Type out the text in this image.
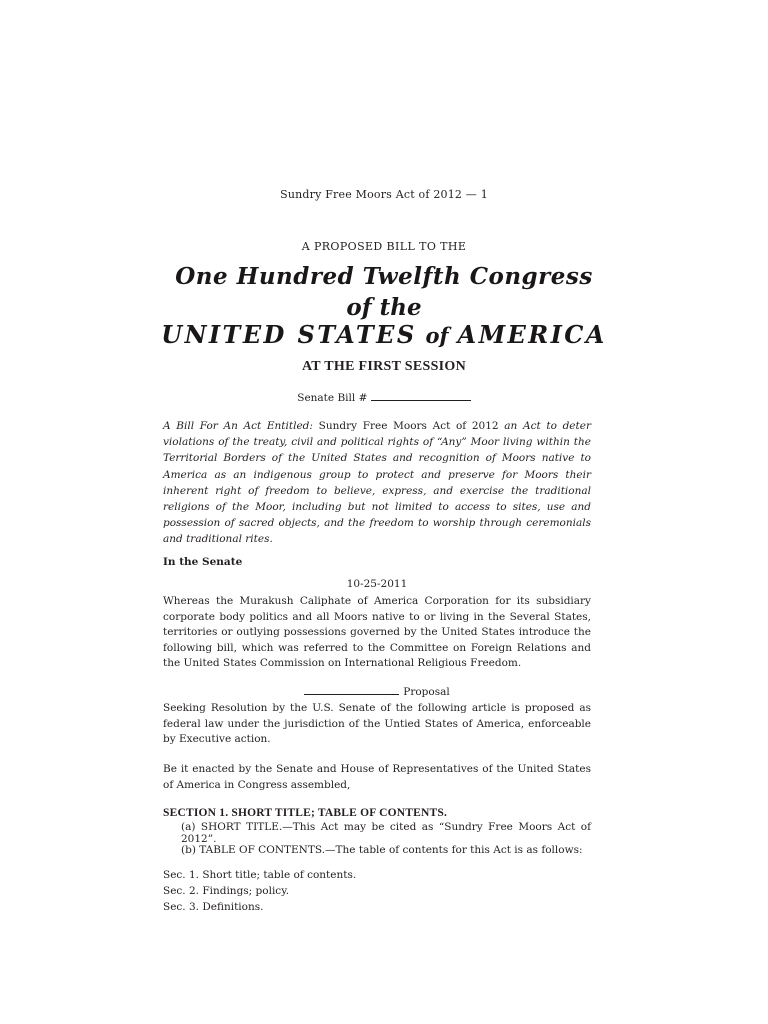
Sundry Free Moors Act of 2012 — 1
A PROPOSED BILL TO THE
One Hundred Twelfth Congress
of the
UNITED STATES of AMERICA
AT THE FIRST SESSION
Senate Bill #
A Bill For An Act Entitled: Sundry Free Moors Act of 2012 an Act to deter violations of the treaty, civil and political rights of “Any” Moor living within the Territorial Borders of the United States and recognition of Moors native to America as an indigenous group to protect and preserve for Moors their inherent right of freedom to believe, express, and exercise the traditional religions of the Moor, including but not limited to access to sites, use and possession of sacred objects, and the freedom to worship through ceremonials and traditional rites.
In the Senate
10-25-2011
Whereas the Murakush Caliphate of America Corporation for its subsidiary corporate body politics and all Moors native to or living in the Several States, territories or outlying possessions governed by the United States introduce the following bill, which was referred to the Committee on Foreign Relations and the United States Commission on International Religious Freedom.
Proposal
Seeking Resolution by the U.S. Senate of the following article is proposed as federal law under the jurisdiction of the Untied States of America, enforceable by Executive action.
Be it enacted by the Senate and House of Representatives of the United States of America in Congress assembled,
SECTION 1. SHORT TITLE; TABLE OF CONTENTS.
(a) SHORT TITLE.—This Act may be cited as “Sundry Free Moors Act of 2012”.
(b) TABLE OF CONTENTS.—The table of contents for this Act is as follows:
Sec. 1. Short title; table of contents.
Sec. 2. Findings; policy.
Sec. 3. Definitions.
